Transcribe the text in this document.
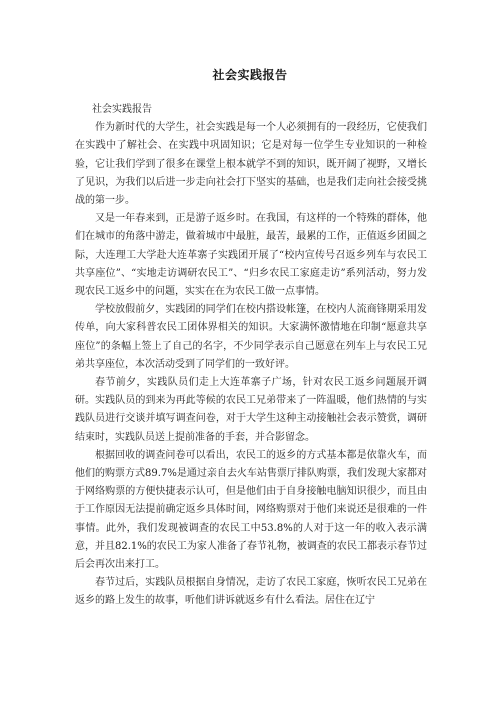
社会实践报告

社会实践报告

作为新时代的大学生，社会实践是每一个人必须拥有的一段经历，它使我们在实践中了解社会、在实践中巩固知识；它是对每一位学生专业知识的一种检验，它让我们学到了很多在课堂上根本就学不到的知识，既开阔了视野，又增长了见识，为我们以后进一步走向社会打下坚实的基础，也是我们走向社会接受挑战的第一步。

又是一年春来到，正是游子返乡时。在我国，有这样的一个特殊的群体，他们在城市的角落中游走，做着城市中最脏，最苦，最累的工作，正值返乡团圆之际，大连理工大学赴大连革寨子实践团开展了“校内宣传号召返乡列车与农民工共享座位”、“实地走访调研农民工”、“归乡农民工家庭走访”系列活动，努力发现农民工返乡中的问题，实实在在为农民工做一点事情。

学校放假前夕，实践团的同学们在校内搭设帐篷，在校内人流商锋期采用发传单，向大家科普农民工团体界相关的知识。大家满怀激情地在印制“愿意共享座位”的条幅上签上了自己的名字，不少同学表示自己愿意在列车上与农民工兄弟共享座位，本次活动受到了同学们的一致好评。

春节前夕，实践队员们走上大连革寨子广场，针对农民工返乡问题展开调研。实践队员的到来为再此等候的农民工兄弟带来了一阵温暖，他们热情的与实践队员进行交谈并填写调查问卷，对于大学生这种主动接触社会表示赞赏，调研结束时，实践队员送上提前准备的手套，并合影留念。

根据回收的调查问卷可以看出，农民工的返乡的方式基本都是依靠火车，而他们的购票方式89.7%是通过亲自去火车站售票厅排队购票，我们发现大家都对于网络购票的方便快捷表示认可，但是他们由于自身接触电脑知识很少，而且由于工作原因无法提前确定返乡具体时间，网络购票对于他们来说还是很难的一件事情。此外，我们发现被调查的农民工中53.8%的人对于这一年的收入表示满意，并且82.1%的农民工为家人准备了春节礼物，被调查的农民工都表示春节过后会再次出来打工。

春节过后，实践队员根据自身情况，走访了农民工家庭，恢听农民工兄弟在返乡的路上发生的故事，听他们讲诉就返乡有什么看法。居住在辽宁
